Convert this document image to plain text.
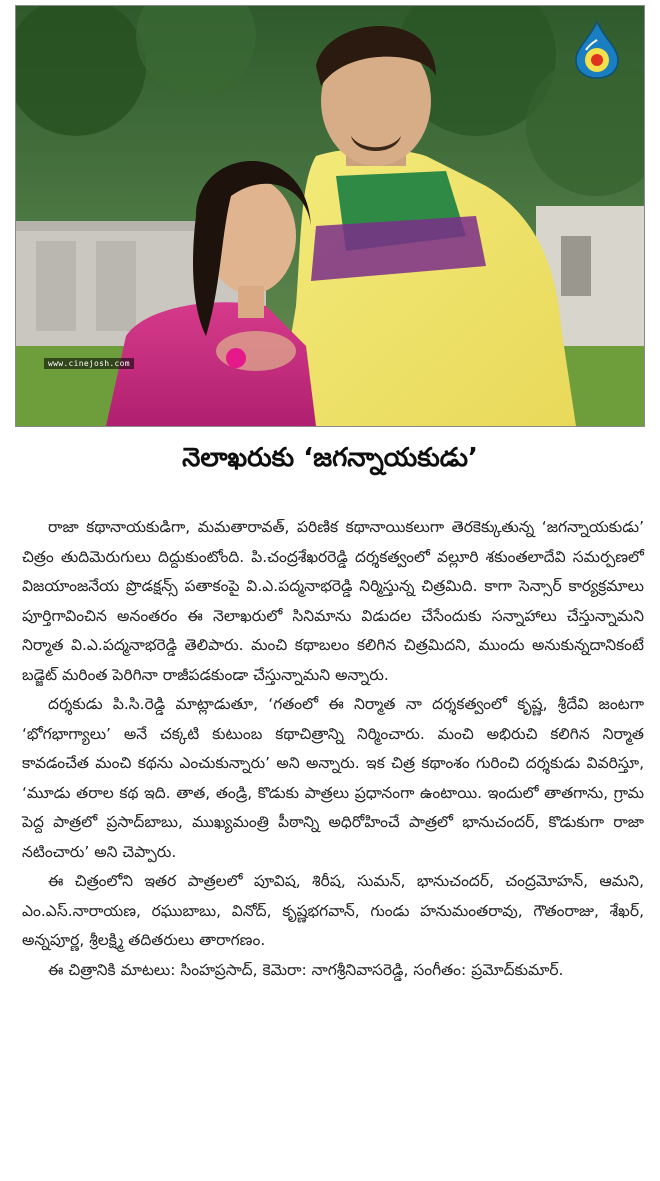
www.cinejosh.com
నెలాఖరుకు ‘జగన్నాయకుడు’

రాజా కథానాయకుడిగా, మమతారావత్, పరిణిక కథానాయికలుగా తెరకెక్కుతున్న ‘జగన్నాయకుడు’ చిత్రం తుదిమెరుగులు దిద్దుకుంటోంది. పి.చంద్రశేఖరరెడ్డి దర్శకత్వంలో వల్లూరి శకుంతలాదేవి సమర్పణలో విజయాంజనేయ ప్రొడక్షన్స్ పతాకంపై వి.ఎ.పద్మనాభరెడ్డి నిర్మిస్తున్న చిత్రమిది. కాగా సెన్సార్ కార్యక్రమాలు పూర్తిగావించిన అనంతరం ఈ నెలాఖరులో సినిమాను విడుదల చేసేందుకు సన్నాహాలు చేస్తున్నామని నిర్మాత వి.ఎ.పద్మనాభరెడ్డి తెలిపారు. మంచి కథాబలం కలిగిన చిత్రమిదని, ముందు అనుకున్నదానికంటే బడ్జెట్ మరింత పెరిగినా రాజీపడకుండా చేస్తున్నామని అన్నారు.

దర్శకుడు పి.సి.రెడ్డి మాట్లాడుతూ, ‘గతంలో ఈ నిర్మాత నా దర్శకత్వంలో కృష్ణ, శ్రీదేవి జంటగా ‘భోగభాగ్యాలు’ అనే చక్కటి కుటుంబ కథాచిత్రాన్ని నిర్మించారు. మంచి అభిరుచి కలిగిన నిర్మాత కావడంచేత మంచి కథను ఎంచుకున్నారు’ అని అన్నారు. ఇక చిత్ర కథాంశం గురించి దర్శకుడు వివరిస్తూ, ‘మూడు తరాల కథ ఇది. తాత, తండ్రి, కొడుకు పాత్రలు ప్రధానంగా ఉంటాయి. ఇందులో తాతగాను, గ్రామ పెద్ద పాత్రలో ప్రసాద్‌బాబు, ముఖ్యమంత్రి పీఠాన్ని అధిరోహించే పాత్రలో భానుచందర్, కొడుకుగా రాజా నటించారు’ అని చెప్పారు.

ఈ చిత్రంలోని ఇతర పాత్రలలో పూవిష, శిరీష, సుమన్, భానుచందర్, చంద్రమోహన్, ఆమని, ఎం.ఎస్.నారాయణ, రఘుబాబు, వినోద్, కృష్ణభగవాన్, గుండు హనుమంతరావు, గౌతంరాజు, శేఖర్, అన్నపూర్ణ, శ్రీలక్ష్మి తదితరులు తారాగణం.

ఈ చిత్రానికి మాటలు: సింహప్రసాద్, కెమెరా: నాగశ్రీనివాసరెడ్డి, సంగీతం: ప్రమోద్‌కుమార్.
